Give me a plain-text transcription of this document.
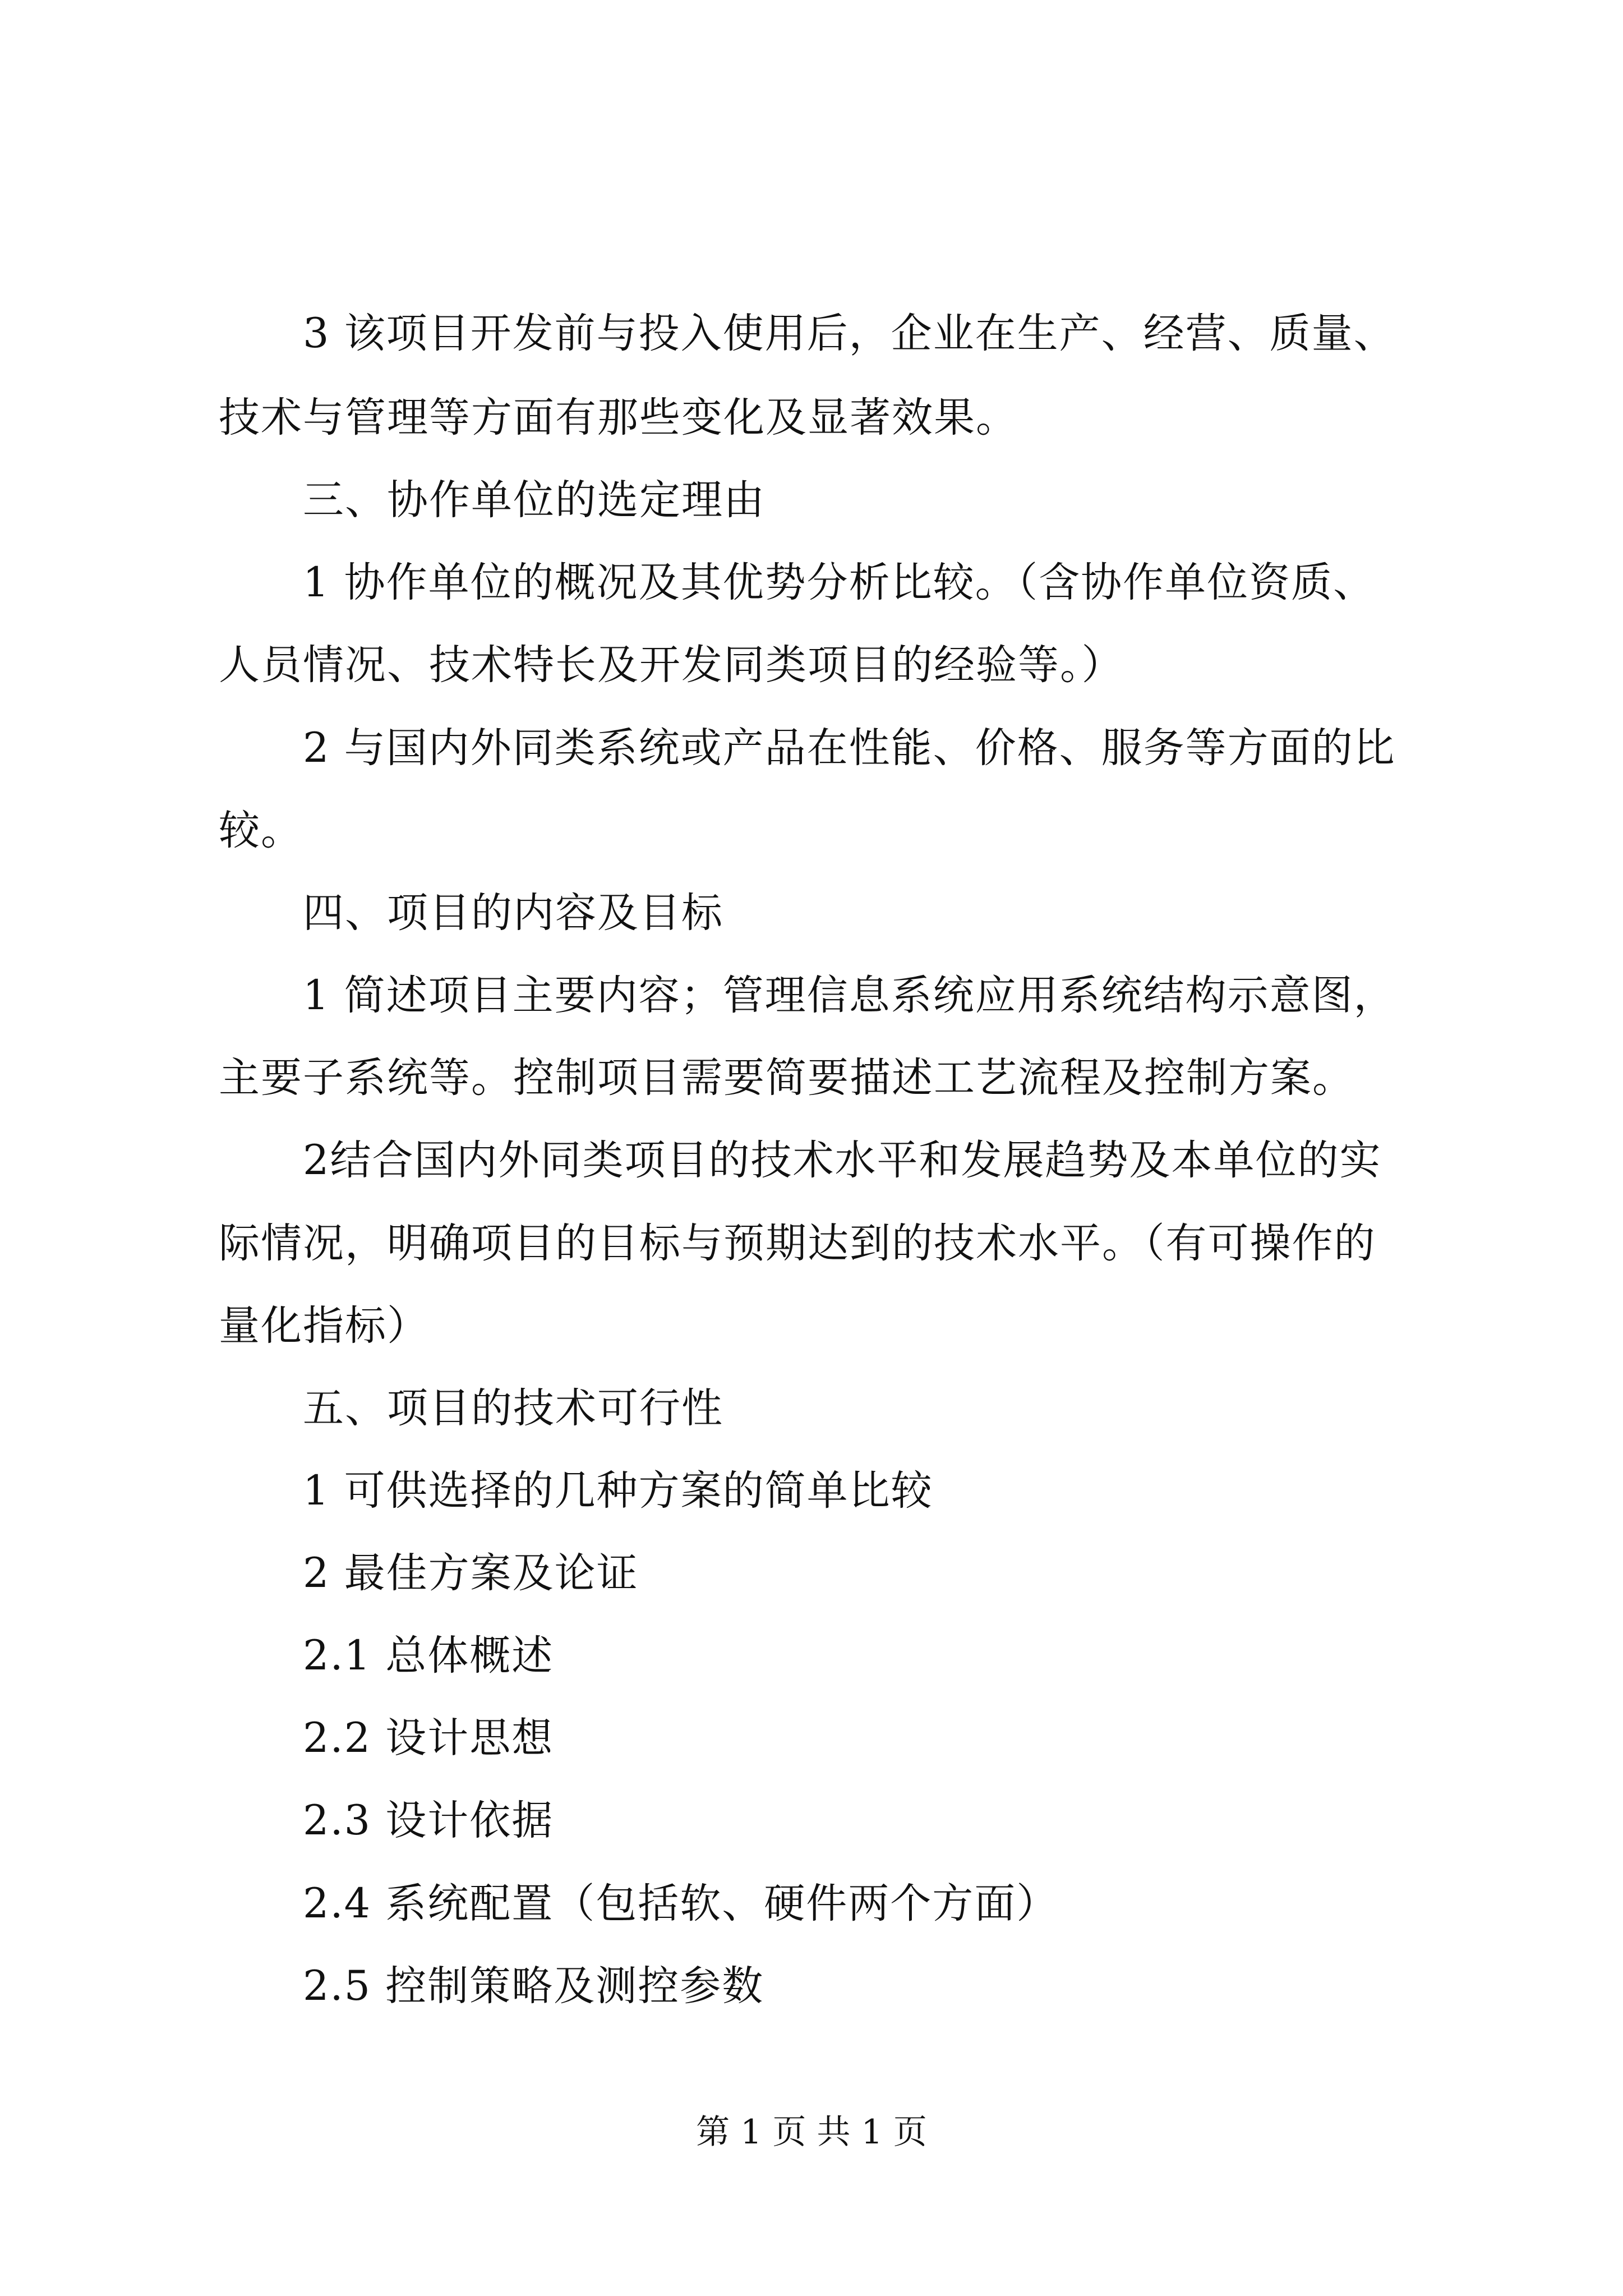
3 该项目开发前与投入使用后，企业在生产、经营、质量、
技术与管理等方面有那些变化及显著效果。
三、协作单位的选定理由
1 协作单位的概况及其优势分析比较。（含协作单位资质、
人员情况、技术特长及开发同类项目的经验等。）
2 与国内外同类系统或产品在性能、价格、服务等方面的比
较。
四、项目的内容及目标
1 简述项目主要内容；管理信息系统应用系统结构示意图，
主要子系统等。控制项目需要简要描述工艺流程及控制方案。
2结合国内外同类项目的技术水平和发展趋势及本单位的实
际情况，明确项目的目标与预期达到的技术水平。（有可操作的
量化指标）
五、项目的技术可行性
1 可供选择的几种方案的简单比较
2 最佳方案及论证
2.1 总体概述
2.2 设计思想
2.3 设计依据
2.4 系统配置（包括软、硬件两个方面）
2.5 控制策略及测控参数
第 1 页 共 1 页
